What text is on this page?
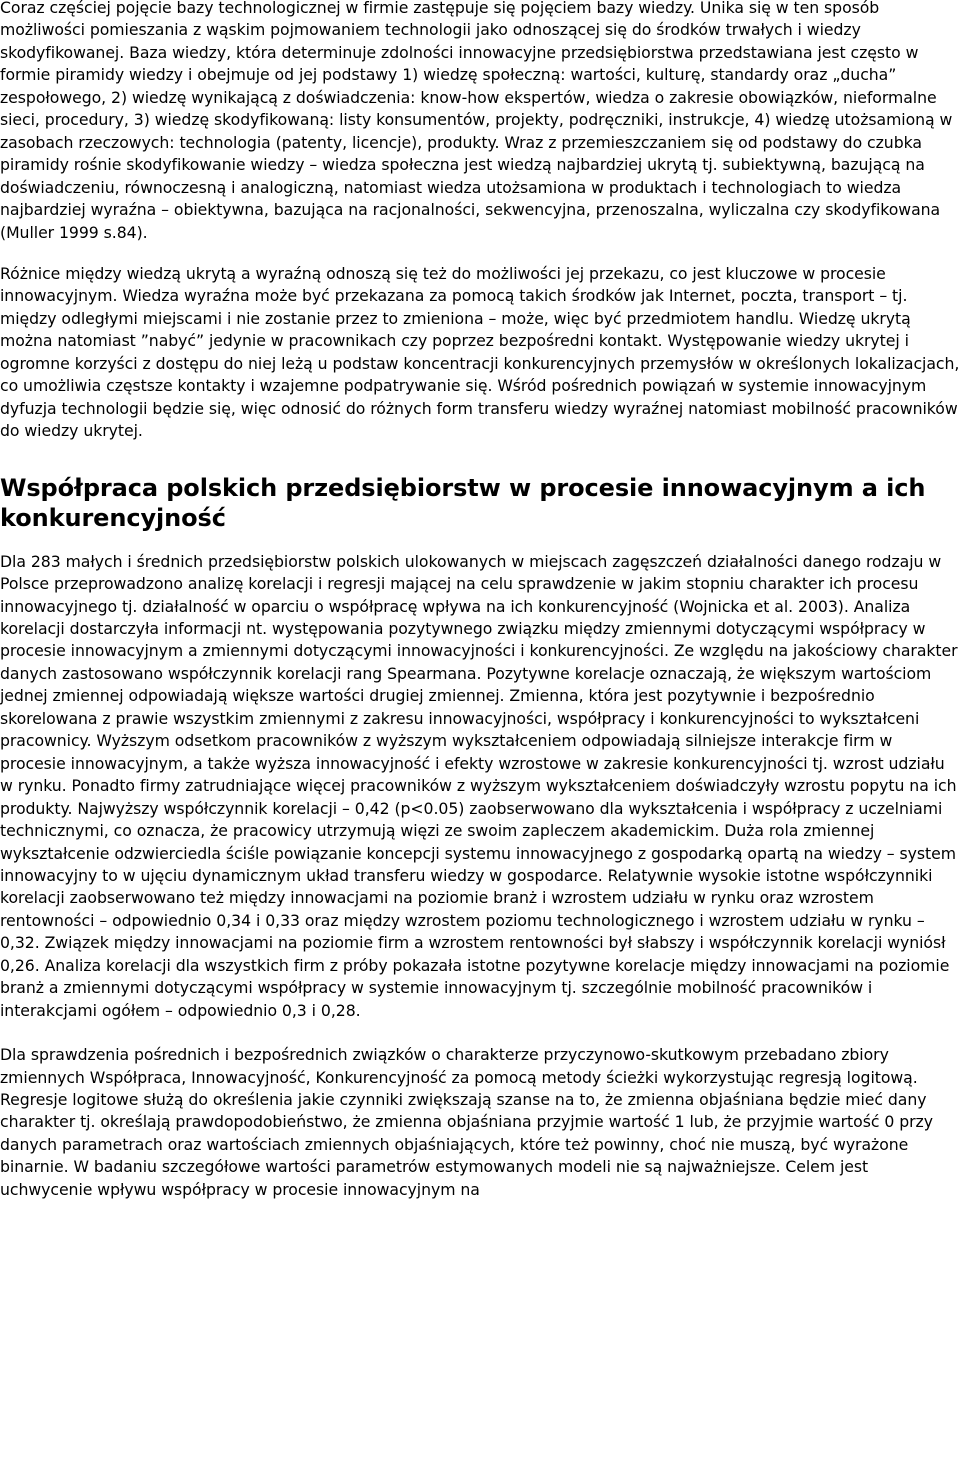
Coraz częściej pojęcie bazy technologicznej w firmie zastępuje się pojęciem bazy wiedzy. Unika się w ten sposób możliwości pomieszania z wąskim pojmowaniem technologii jako odnoszącej się do środków trwałych i wiedzy skodyfikowanej. Baza wiedzy, która determinuje zdolności innowacyjne przedsiębiorstwa przedstawiana jest często w formie piramidy wiedzy i obejmuje od jej podstawy 1) wiedzę społeczną: wartości, kulturę, standardy oraz „ducha” zespołowego, 2) wiedzę wynikającą z doświadczenia: know-how ekspertów, wiedza o zakresie obowiązków, nieformalne sieci, procedury, 3) wiedzę skodyfikowaną: listy konsumentów, projekty, podręczniki, instrukcje, 4) wiedzę utożsamioną w zasobach rzeczowych: technologia (patenty, licencje), produkty. Wraz z przemieszczaniem się od podstawy do czubka piramidy rośnie skodyfikowanie wiedzy – wiedza społeczna jest wiedzą najbardziej ukrytą tj. subiektywną, bazującą na doświadczeniu, równoczesną i analogiczną, natomiast wiedza utożsamiona w produktach i technologiach to wiedza najbardziej wyraźna – obiektywna, bazująca na racjonalności, sekwencyjna, przenoszalna, wyliczalna czy skodyfikowana (Muller 1999 s.84).

Różnice między wiedzą ukrytą a wyraźną odnoszą się też do możliwości jej przekazu, co jest kluczowe w procesie innowacyjnym. Wiedza wyraźna może być przekazana za pomocą takich środków jak Internet, poczta, transport – tj. między odległymi miejscami i nie zostanie przez to zmieniona – może, więc być przedmiotem handlu. Wiedzę ukrytą można natomiast ”nabyć” jedynie w pracownikach czy poprzez bezpośredni kontakt. Występowanie wiedzy ukrytej i ogromne korzyści z dostępu do niej leżą u podstaw koncentracji konkurencyjnych przemysłów w określonych lokalizacjach, co umożliwia częstsze kontakty i wzajemne podpatrywanie się. Wśród pośrednich powiązań w systemie innowacyjnym dyfuzja technologii będzie się, więc odnosić do różnych form transferu wiedzy wyraźnej natomiast mobilność pracowników do wiedzy ukrytej.

Współpraca polskich przedsiębiorstw w procesie innowacyjnym a ich konkurencyjność

Dla 283 małych i średnich przedsiębiorstw polskich ulokowanych w miejscach zagęszczeń działalności danego rodzaju w Polsce przeprowadzono analizę korelacji i regresji mającej na celu sprawdzenie w jakim stopniu charakter ich procesu innowacyjnego tj. działalność w oparciu o współpracę wpływa na ich konkurencyjność (Wojnicka et al. 2003). Analiza korelacji dostarczyła informacji nt. występowania pozytywnego związku między zmiennymi dotyczącymi współpracy w procesie innowacyjnym a zmiennymi dotyczącymi innowacyjności i konkurencyjności. Ze względu na jakościowy charakter danych zastosowano współczynnik korelacji rang Spearmana. Pozytywne korelacje oznaczają, że większym wartościom jednej zmiennej odpowiadają większe wartości drugiej zmiennej. Zmienna, która jest pozytywnie i bezpośrednio skorelowana z prawie wszystkim zmiennymi z zakresu innowacyjności, współpracy i konkurencyjności to wykształceni pracownicy. Wyższym odsetkom pracowników z wyższym wykształceniem odpowiadają silniejsze interakcje firm w procesie innowacyjnym, a także wyższa innowacyjność i efekty wzrostowe w zakresie konkurencyjności tj. wzrost udziału w rynku. Ponadto firmy zatrudniające więcej pracowników z wyższym wykształceniem doświadczyły wzrostu popytu na ich produkty. Najwyższy współczynnik korelacji – 0,42 (p<0.05) zaobserwowano dla wykształcenia i współpracy z uczelniami technicznymi, co oznacza, że pracowicy utrzymują więzi ze swoim zapleczem akademickim. Duża rola zmiennej wykształcenie odzwierciedla ściśle powiązanie koncepcji systemu innowacyjnego z gospodarką opartą na wiedzy – system innowacyjny to w ujęciu dynamicznym układ transferu wiedzy w gospodarce. Relatywnie wysokie istotne współczynniki korelacji zaobserwowano też między innowacjami na poziomie branż i wzrostem udziału w rynku oraz wzrostem rentowności – odpowiednio 0,34 i 0,33 oraz między wzrostem poziomu technologicznego i wzrostem udziału w rynku – 0,32. Związek między innowacjami na poziomie firm a wzrostem rentowności był słabszy i współczynnik korelacji wyniósł 0,26. Analiza korelacji dla wszystkich firm z próby pokazała istotne pozytywne korelacje między innowacjami na poziomie branż a zmiennymi dotyczącymi współpracy w systemie innowacyjnym tj. szczególnie mobilność pracowników i interakcjami ogółem – odpowiednio 0,3 i 0,28.

Dla sprawdzenia pośrednich i bezpośrednich związków o charakterze przyczynowo-skutkowym przebadano zbiory zmiennych Współpraca, Innowacyjność, Konkurencyjność za pomocą metody ścieżki wykorzystując regresją logitową. Regresje logitowe służą do określenia jakie czynniki zwiększają szanse na to, że zmienna objaśniana będzie mieć dany charakter tj. określają prawdopodobieństwo, że zmienna objaśniana przyjmie wartość 1 lub, że przyjmie wartość 0 przy danych parametrach oraz wartościach zmiennych objaśniających, które też powinny, choć nie muszą, być wyrażone binarnie. W badaniu szczegółowe wartości parametrów estymowanych modeli nie są najważniejsze. Celem jest uchwycenie wpływu współpracy w procesie innowacyjnym na
